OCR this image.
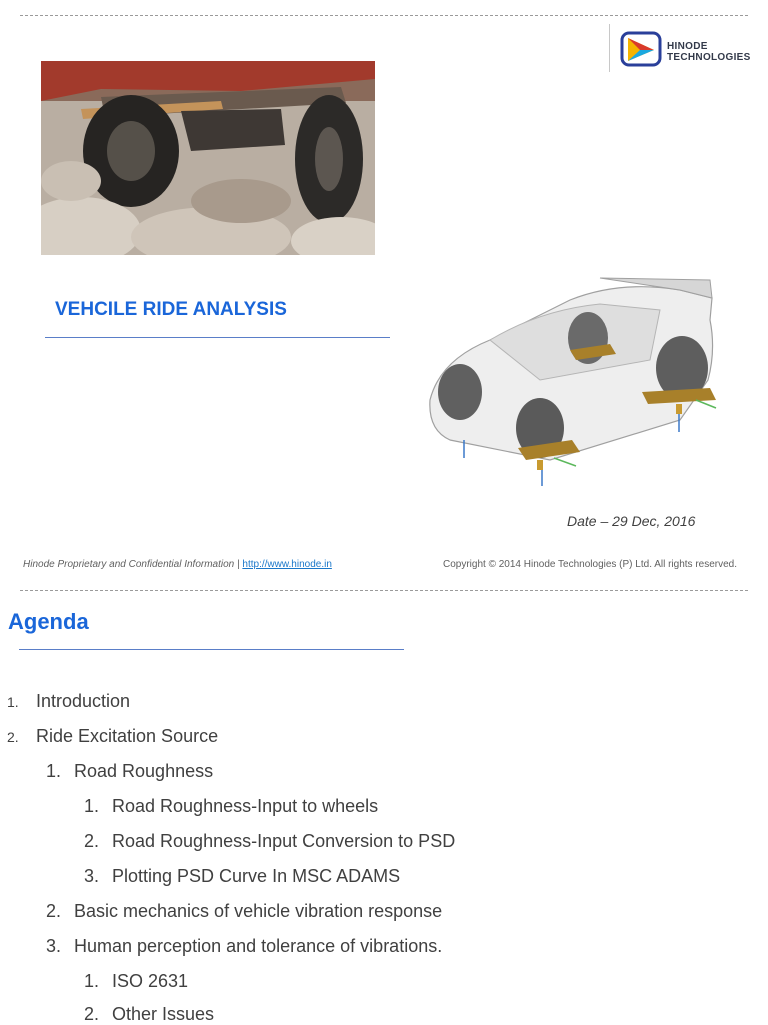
HINODE
TECHNOLOGIES
VEHCILE RIDE ANALYSIS
Date – 29 Dec, 2016
Hinode Proprietary and Confidential Information | http://www.hinode.in	Copyright © 2014 Hinode Technologies (P) Ltd. All rights reserved.
Agenda
1. Introduction
2. Ride Excitation Source
1. Road Roughness
1. Road Roughness-Input to wheels
2. Road Roughness-Input Conversion to PSD
3. Plotting PSD Curve In MSC ADAMS
2. Basic mechanics of vehicle vibration response
3. Human perception and tolerance of vibrations.
1. ISO 2631
2. Other Issues
